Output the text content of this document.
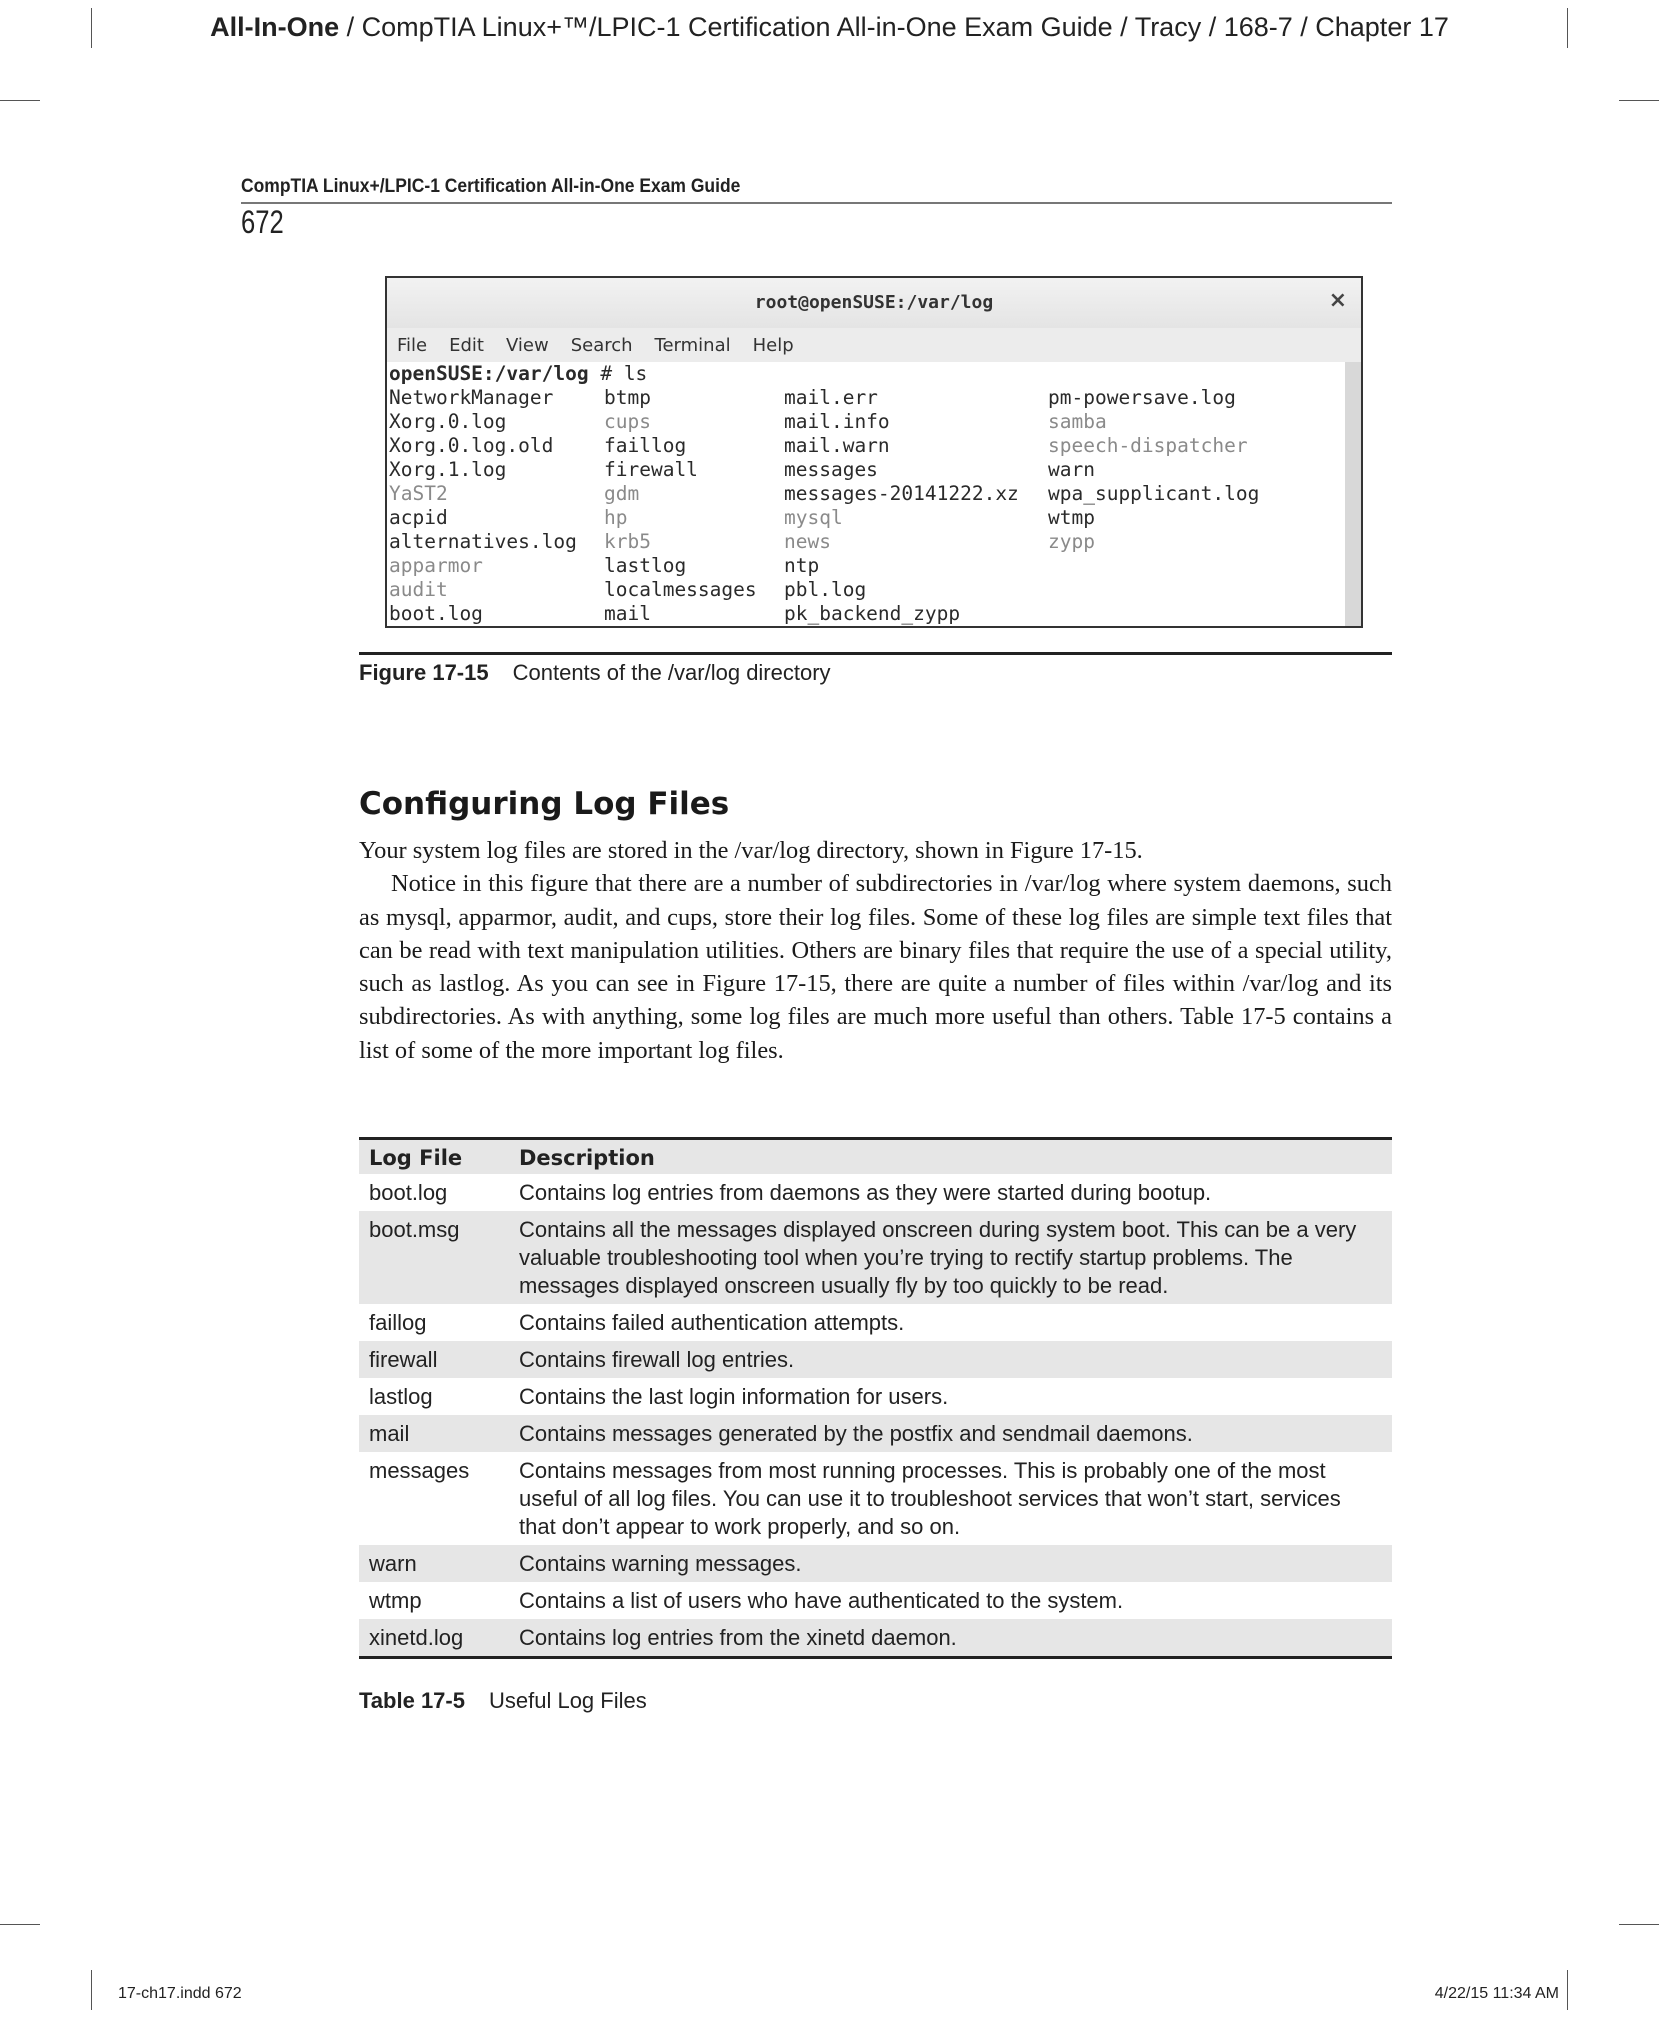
All-In-One / CompTIA Linux+™/LPIC-1 Certification All-in-One Exam Guide / Tracy / 168-7 / Chapter 17
CompTIA Linux+/LPIC-1 Certification All-in-One Exam Guide
672
root@openSUSE:/var/log	×
File Edit View Search Terminal Help
openSUSE:/var/log # ls
NetworkManager	btmp	mail.err	pm-powersave.log
Xorg.0.log	cups	mail.info	samba
Xorg.0.log.old	faillog	mail.warn	speech-dispatcher
Xorg.1.log	firewall	messages	warn
YaST2	gdm	messages-20141222.xz	wpa_supplicant.log
acpid	hp	mysql	wtmp
alternatives.log	krb5	news	zypp
apparmor	lastlog	ntp
audit	localmessages	pbl.log
boot.log	mail	pk_backend_zypp
Figure 17-15 Contents of the /var/log directory
Configuring Log Files

Your system log files are stored in the /var/log directory, shown in Figure 17-15.

Notice in this figure that there are a number of subdirectories in /var/log where system daemons, such as mysql, apparmor, audit, and cups, store their log files. Some of these log files are simple text files that can be read with text manipulation utilities. Others are binary files that require the use of a special utility, such as lastlog. As you can see in Figure 17-15, there are quite a number of files within /var/log and its subdirectories. As with anything, some log files are much more useful than others. Table 17-5 contains a list of some of the more important log files.

Log File	Description
boot.log	Contains log entries from daemons as they were started during bootup.
boot.msg	Contains all the messages displayed onscreen during system boot. This can be a very valuable troubleshooting tool when you’re trying to rectify startup problems. The messages displayed onscreen usually fly by too quickly to be read.
faillog	Contains failed authentication attempts.
firewall	Contains firewall log entries.
lastlog	Contains the last login information for users.
mail	Contains messages generated by the postfix and sendmail daemons.
messages	Contains messages from most running processes. This is probably one of the most useful of all log files. You can use it to troubleshoot services that won’t start, services that don’t appear to work properly, and so on.
warn	Contains warning messages.
wtmp	Contains a list of users who have authenticated to the system.
xinetd.log	Contains log entries from the xinetd daemon.
Table 17-5 Useful Log Files
17-ch17.indd 672	4/22/15 11:34 AM
